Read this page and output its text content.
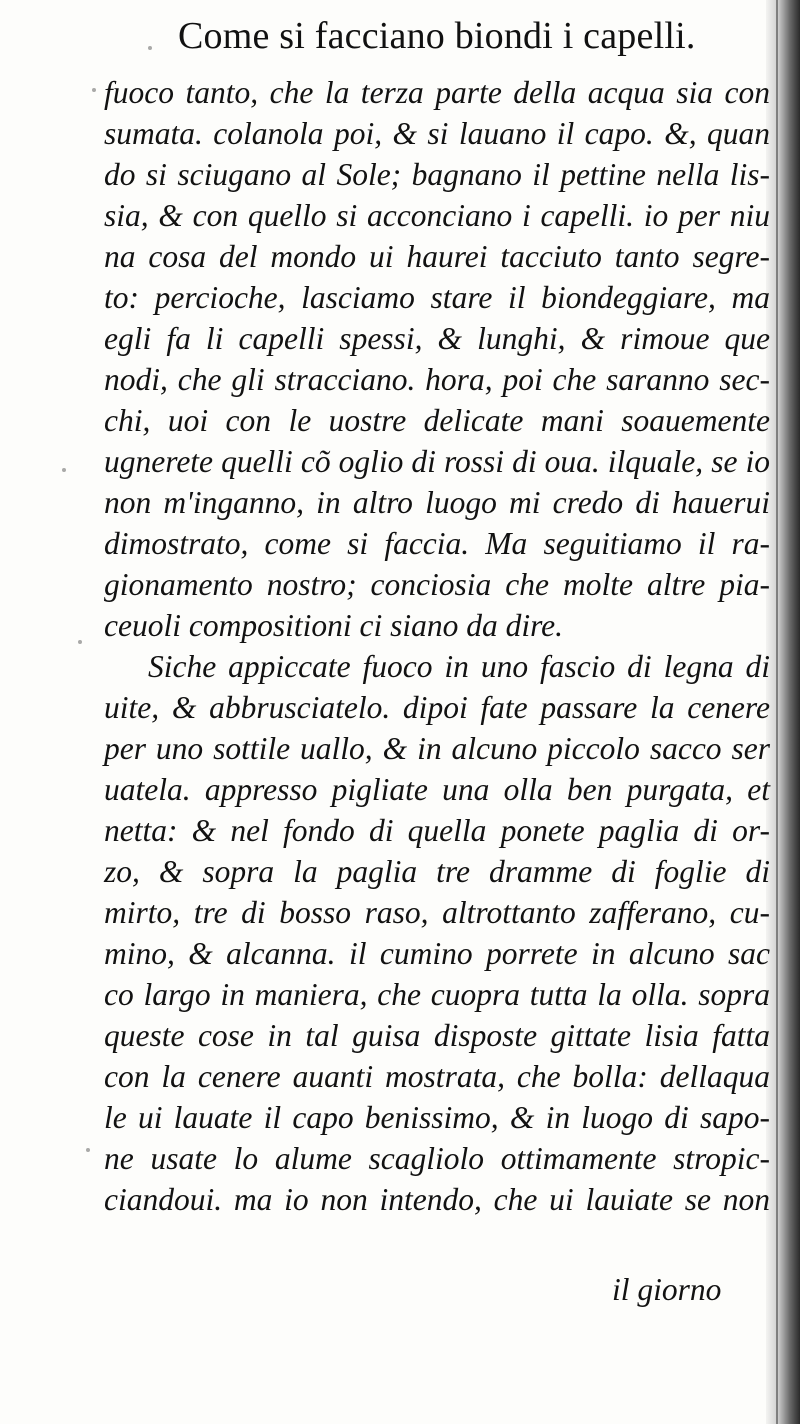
Come si facciano biondi i capelli.
fuoco tanto, che la terza parte della acqua sia con
sumata. colanola poi, & si lauano il capo. &, quan
do si sciugano al Sole; bagnano il pettine nella lis-
sia, & con quello si acconciano i capelli. io per niu
na cosa del mondo ui haurei tacciuto tanto segre-
to: percioche, lasciamo stare il biondeggiare, ma
egli fa li capelli spessi, & lunghi, & rimoue que
nodi, che gli stracciano. hora, poi che saranno sec-
chi, uoi con le uostre delicate mani soauemente
ugnerete quelli cõ oglio di rossi di oua. ilquale, se io
non m'inganno, in altro luogo mi credo di hauerui
dimostrato, come si faccia. Ma seguitiamo il ra-
gionamento nostro; conciosia che molte altre pia-
ceuoli compositioni ci siano da dire.
Siche appiccate fuoco in uno fascio di legna di
uite, & abbrusciatelo. dipoi fate passare la cenere
per uno sottile uallo, & in alcuno piccolo sacco ser
uatela. appresso pigliate una olla ben purgata, et
netta: & nel fondo di quella ponete paglia di or-
zo, & sopra la paglia tre dramme di foglie di
mirto, tre di bosso raso, altrottanto zafferano, cu-
mino, & alcanna. il cumino porrete in alcuno sac
co largo in maniera, che cuopra tutta la olla. sopra
queste cose in tal guisa disposte gittate lisia fatta
con la cenere auanti mostrata, che bolla: dellaqua
le ui lauate il capo benissimo, & in luogo di sapo-
ne usate lo alume scagliolo ottimamente stropic-
ciandoui. ma io non intendo, che ui lauiate se non
il giorno
